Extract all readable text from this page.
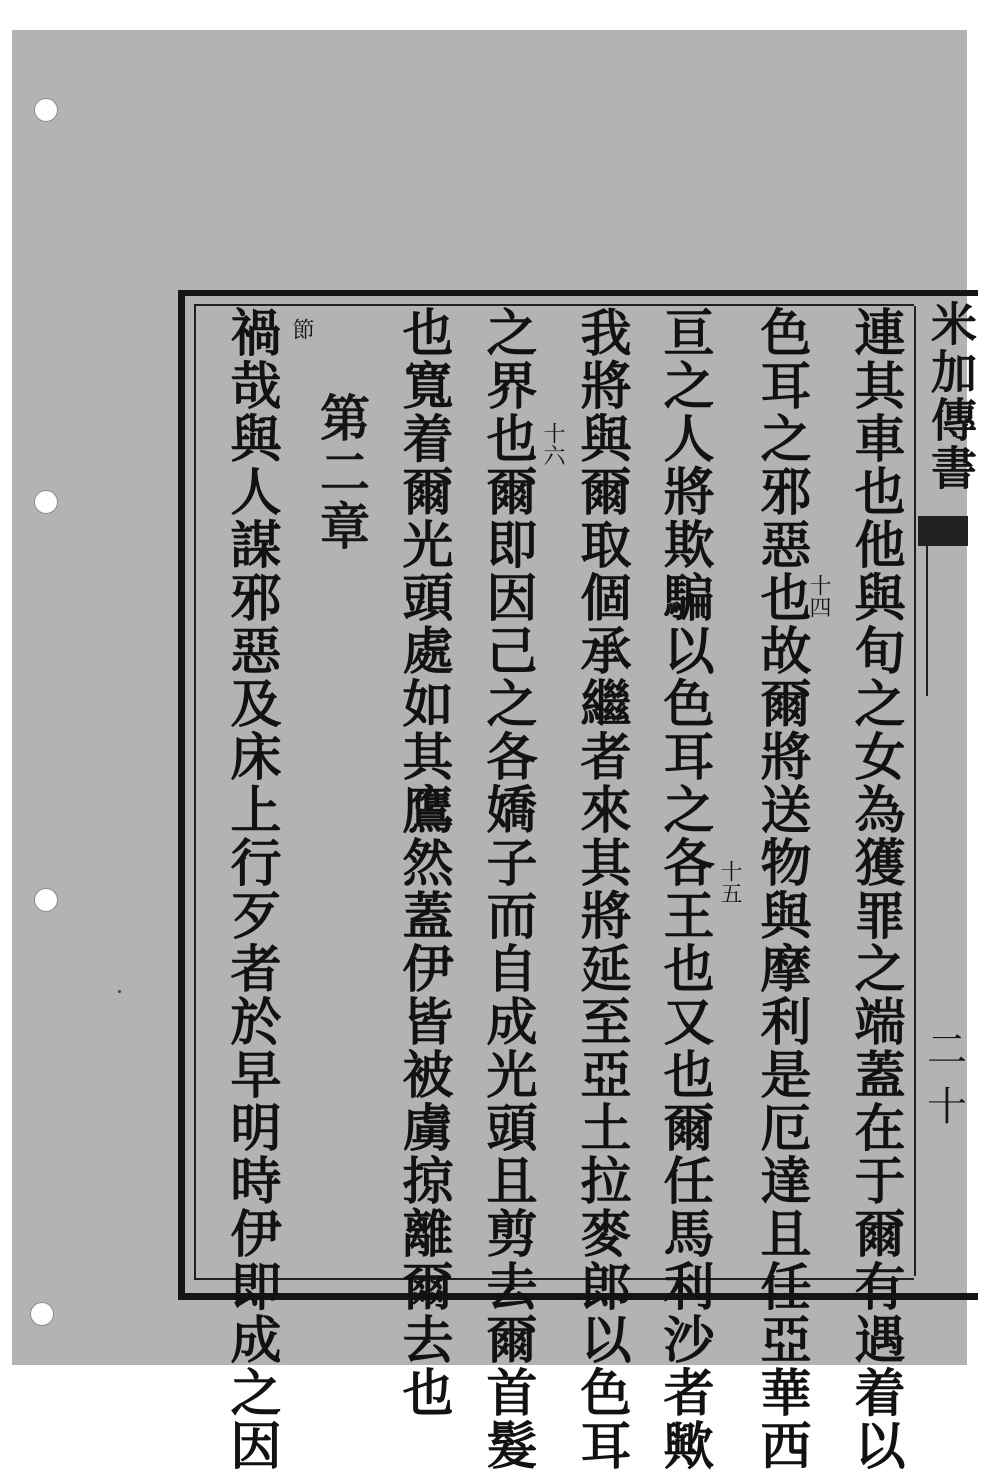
米加傳書
二十
連其車也他與旬之女為獲罪之端蓋在于爾有遇着以
色耳之邪惡也故爾將送物與摩利是厄達且任亞華西
亘之人將欺騙以色耳之各王也又也爾任馬利沙者歟
我將與爾取個承繼者來其將延至亞土拉麥郎以色耳
之界也爾即因己之各嬌子而自成光頭且剪去爾首髮
也寬着爾光頭處如其鷹然蓋伊皆被虜掠離爾去也	十四
十五
十六
第二章
節
禍哉與人謀邪惡及床上行歹者於早明時伊即成之因
